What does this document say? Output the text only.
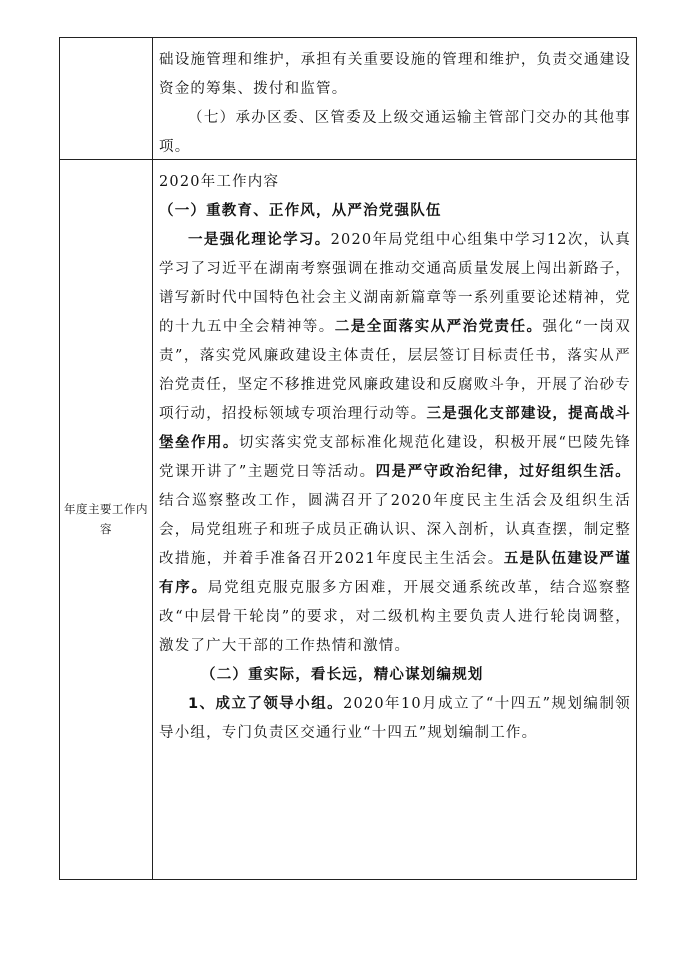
础设施管理和维护，承担有关重要设施的管理和维护，负责交通建设资金的筹集、拨付和监管。

（七）承办区委、区管委及上级交通运输主管部门交办的其他事项。

年度主要工作内容

2020年工作内容

（一）重教育、正作风，从严治党强队伍

一是强化理论学习。2020年局党组中心组集中学习12次，认真学习了习近平在湖南考察强调在推动交通高质量发展上闯出新路子，谱写新时代中国特色社会主义湖南新篇章等一系列重要论述精神，党的十九五中全会精神等。二是全面落实从严治党责任。强化“一岗双责”，落实党风廉政建设主体责任，层层签订目标责任书，落实从严治党责任，坚定不移推进党风廉政建设和反腐败斗争，开展了治砂专项行动，招投标领域专项治理行动等。三是强化支部建设，提高战斗堡垒作用。切实落实党支部标准化规范化建设，积极开展“巴陵先锋党课开讲了”主题党日等活动。四是严守政治纪律，过好组织生活。结合巡察整改工作，圆满召开了2020年度民主生活会及组织生活会，局党组班子和班子成员正确认识、深入剖析，认真查摆，制定整改措施，并着手准备召开2021年度民主生活会。五是队伍建设严谨有序。局党组克服克服多方困难，开展交通系统改革，结合巡察整改“中层骨干轮岗”的要求，对二级机构主要负责人进行轮岗调整，激发了广大干部的工作热情和激情。

（二）重实际，看长远，精心谋划编规划

1、成立了领导小组。2020年10月成立了“十四五”规划编制领导小组，专门负责区交通行业“十四五”规划编制工作。
